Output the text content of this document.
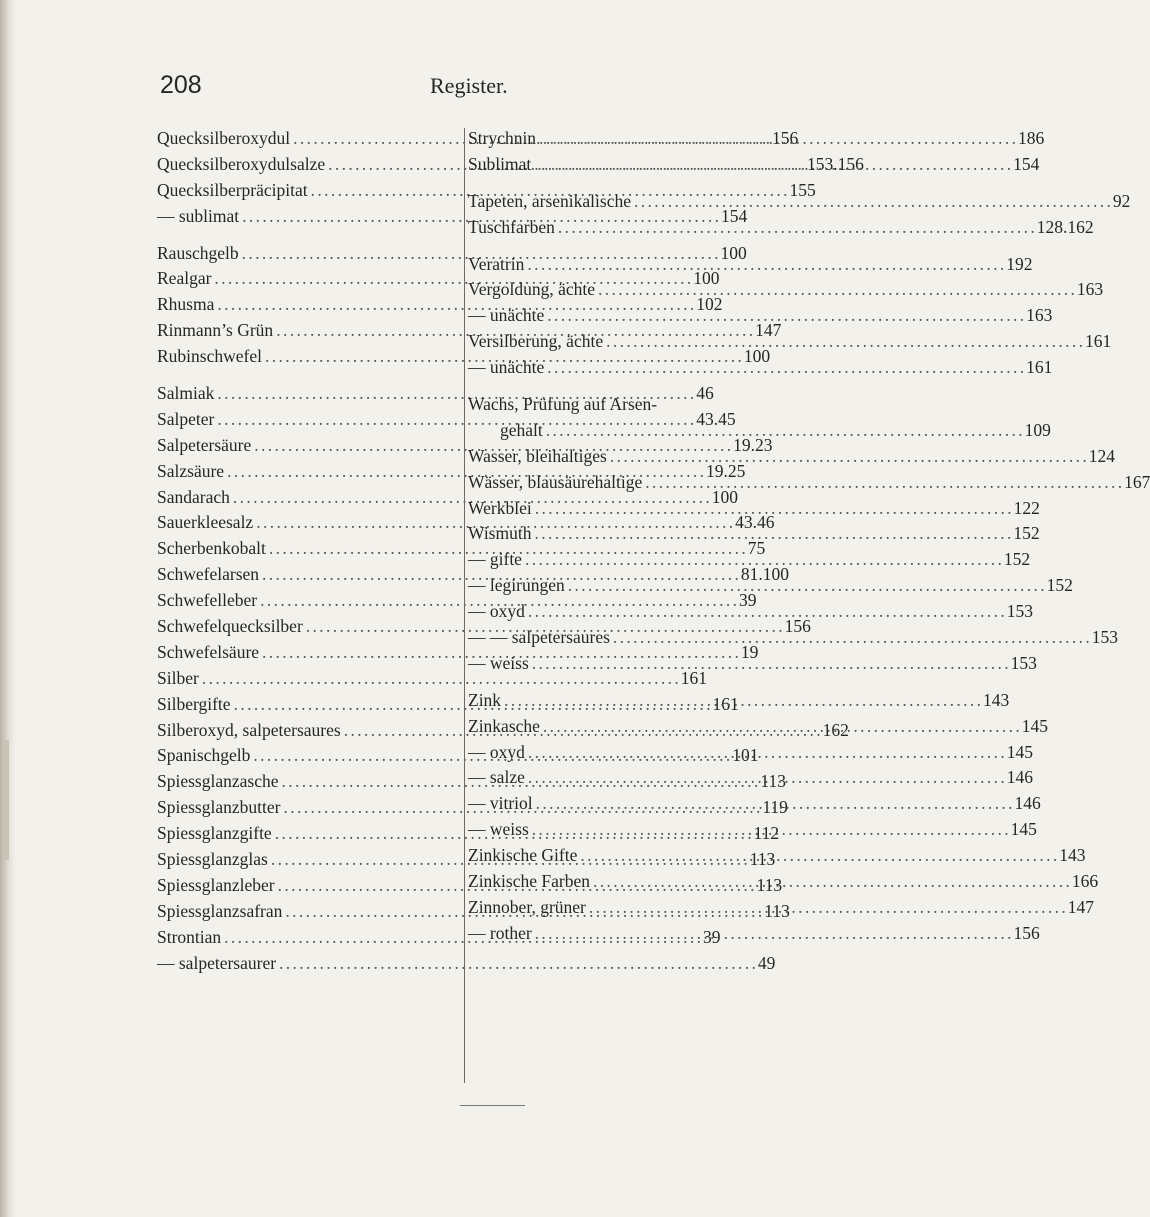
208	Register.
Quecksilberoxydul . . .	156
Quecksilberoxydulsalze . . .	153.156
Quecksilberpräcipitat . . .	155
— sublimat . . .	154
Rauschgelb . . .	100
Realgar . . .	100
Rhusma . . .	102
Rinmann’s Grün . . .	147
Rubinschwefel . . .	100
Salmiak . . .	46
Salpeter . . .	43.45
Salpetersäure . . .	19.23
Salzsäure . . .	19.25
Sandarach . . .	100
Sauerkleesalz . . .	43.46
Scherbenkobalt . . .	75
Schwefelarsen . . .	81.100
Schwefelleber . . .	39
Schwefelquecksilber . . .	156
Schwefelsäure . . .	19
Silber . . .	161
Silbergifte . . .	161
Silberoxyd, salpetersaures . . .	162
Spanischgelb . . .	101
Spiessglanzasche . . .	113
Spiessglanzbutter . . .	119
Spiessglanzgifte . . .	112
Spiessglanzglas . . .	113
Spiessglanzleber . . .	113
Spiessglanzsafran . . .	113
Strontian . . .	39
— salpetersaurer . . .	49
Strychnin . . .	186
Sublimat . . .	154
Tapeten, arsenikalische . . .	92
Tuschfarben . . .	128.162
Veratrin . . .	192
Vergoldung, ächte . . .	163
— unächte . . .	163
Versilberung, ächte . . .	161
— unächte . . .	161
Wachs, Prüfung auf Arsen-
gehalt . . .	109
Wasser, bleihaltiges . . .	124
Wässer, blausäurehaltige . . .	167
Werkblei . . .	122
Wismuth . . .	152
— gifte . . .	152
— legirungen . . .	152
— oxyd . . .	153
— — salpetersaures . . .	153
— weiss . . .	153
Zink . . .	143
Zinkasche . . .	145
— oxyd . . .	145
— salze . . .	146
— vitriol . . .	146
— weiss . . .	145
Zinkische Gifte . . .	143
Zinkische Farben . . .	166
Zinnober, grüner . . .	147
— rother . . .	156
